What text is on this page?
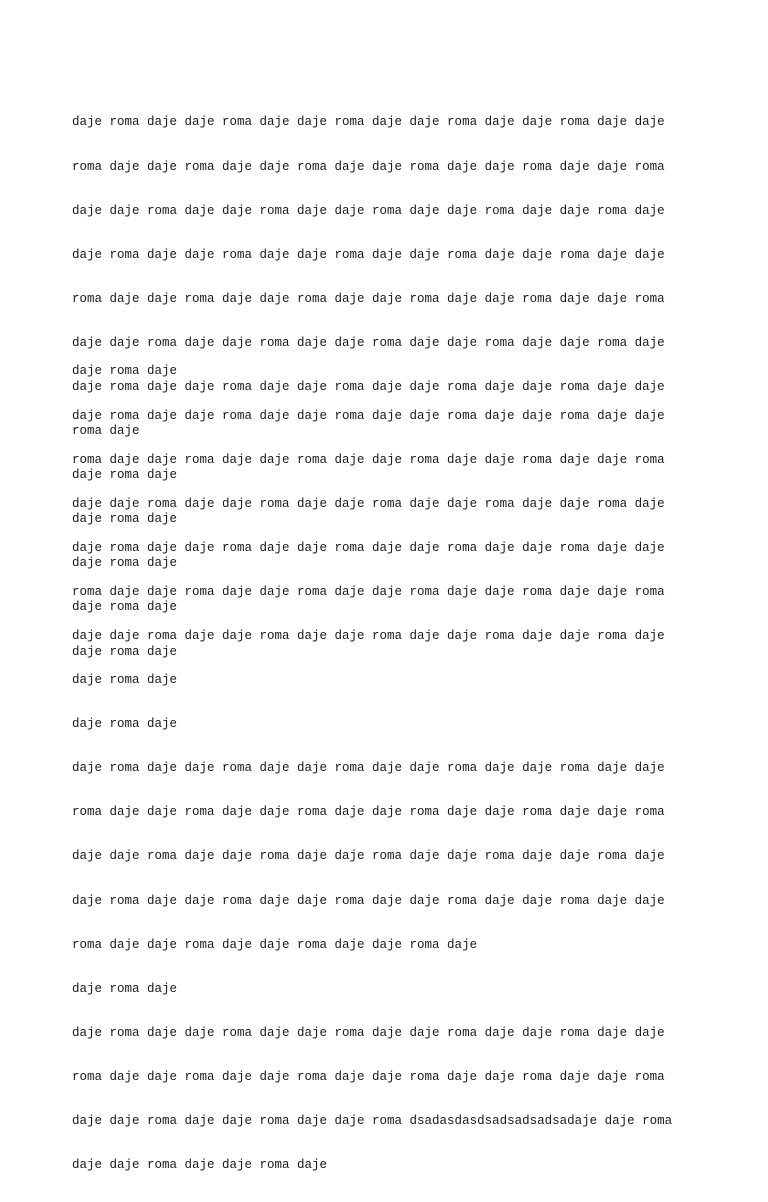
daje roma daje daje roma daje daje roma daje daje roma daje daje roma daje daje

roma daje daje roma daje daje roma daje daje roma daje daje roma daje daje roma

daje daje roma daje daje roma daje daje roma daje daje roma daje daje roma daje

daje roma daje daje roma daje daje roma daje daje roma daje daje roma daje daje

roma daje daje roma daje daje roma daje daje roma daje daje roma daje daje roma

daje daje roma daje daje roma daje daje roma daje daje roma daje daje roma daje

daje roma daje daje roma daje daje roma daje daje roma daje daje roma daje daje

roma daje

daje roma daje

daje roma daje

daje roma daje

daje roma daje

daje roma daje

daje roma daje

daje roma daje daje roma daje daje roma daje daje roma daje daje roma daje daje

roma daje daje roma daje daje roma daje daje roma daje daje roma daje daje roma

daje daje roma daje daje roma daje daje roma daje daje roma daje daje roma daje

daje roma daje daje roma daje daje roma daje daje roma daje daje roma daje daje

roma daje daje roma daje daje roma daje daje roma daje daje roma daje daje roma

daje daje roma daje daje roma daje daje roma daje daje roma daje daje roma daje

daje roma daje

daje roma daje

daje roma daje daje roma daje daje roma daje daje roma daje daje roma daje daje

roma daje daje roma daje daje roma daje daje roma daje daje roma daje daje roma

daje daje roma daje daje roma daje daje roma daje daje roma daje daje roma daje

daje roma daje daje roma daje daje roma daje daje roma daje daje roma daje daje

roma daje daje roma daje daje roma daje daje roma daje

daje roma daje

daje roma daje daje roma daje daje roma daje daje roma daje daje roma daje daje

roma daje daje roma daje daje roma daje daje roma daje daje roma daje daje roma

daje daje roma daje daje roma daje daje roma dsadasdasdsadsadsadsadaje daje roma

daje daje roma daje daje roma daje
